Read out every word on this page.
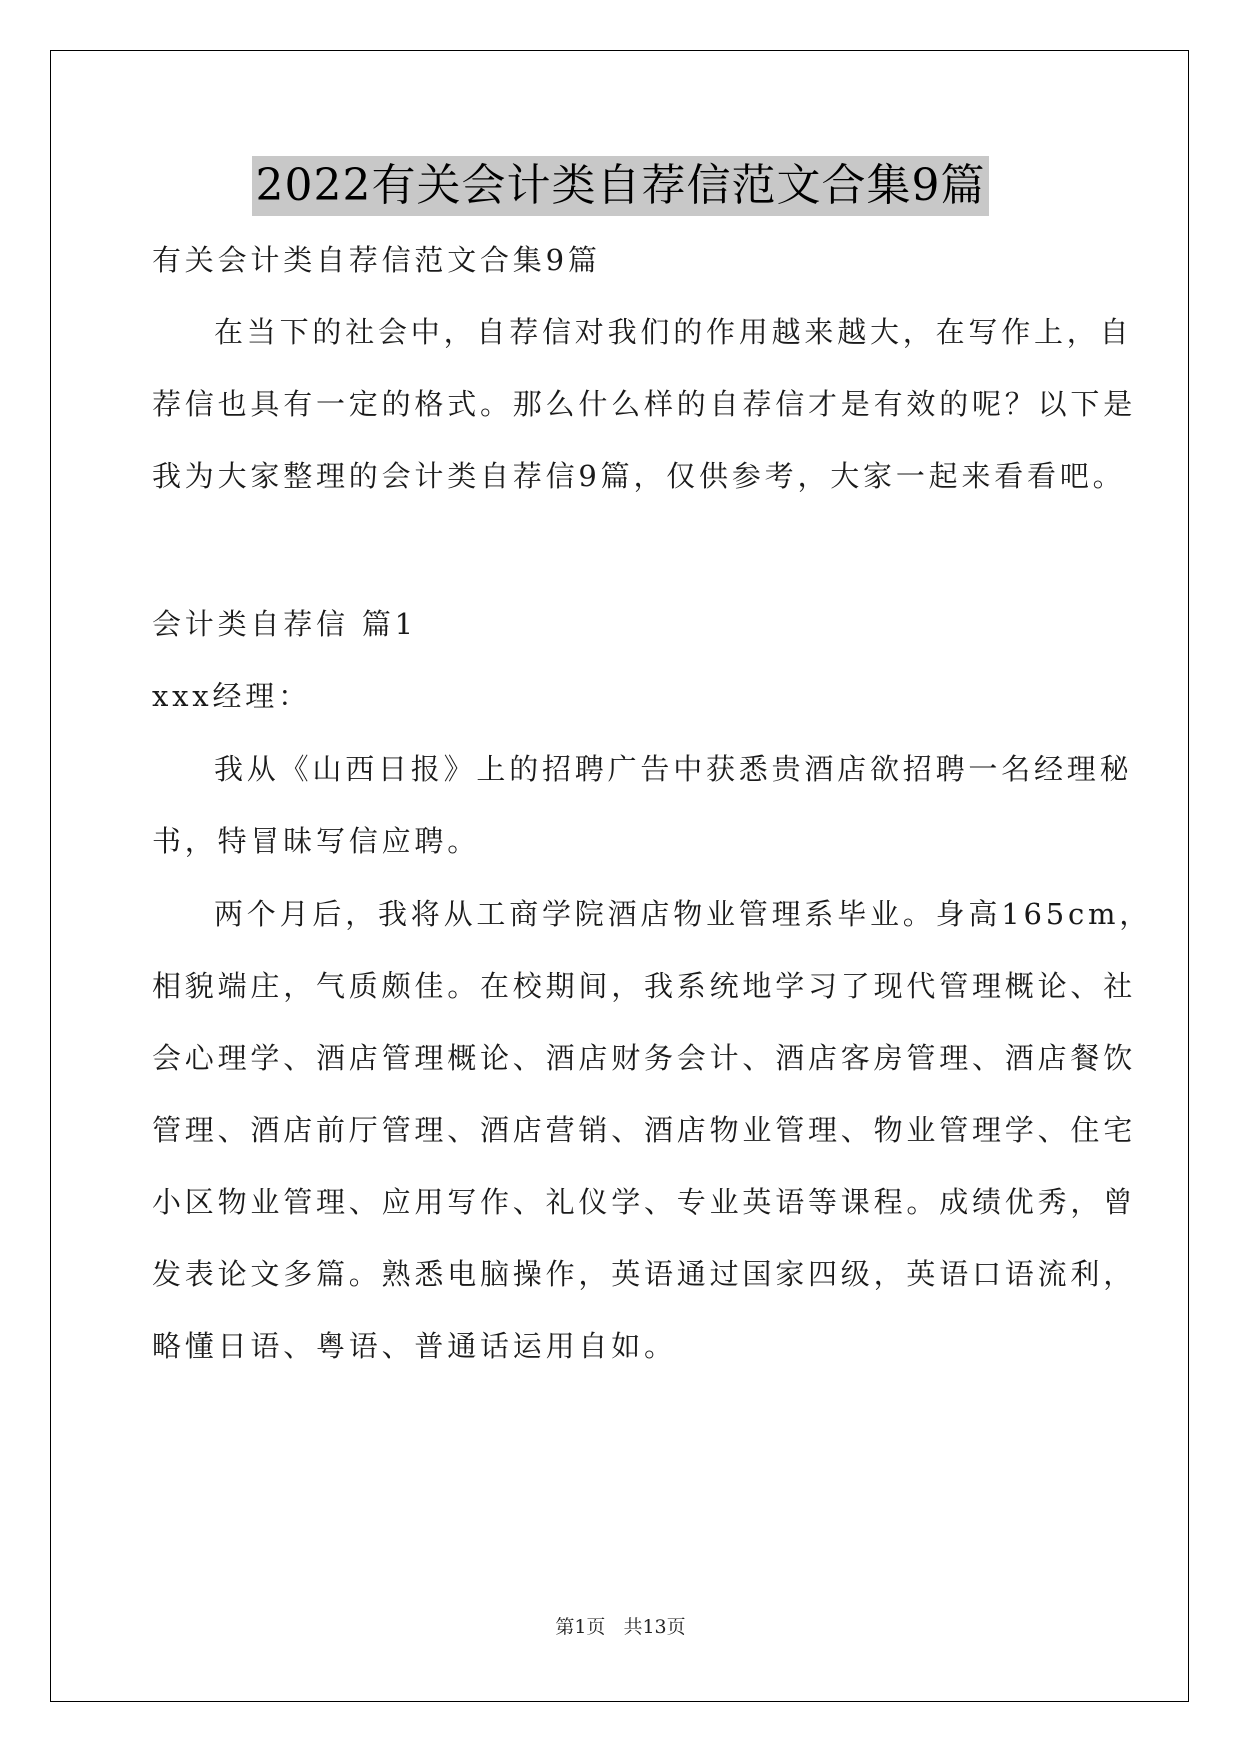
2022有关会计类自荐信范文合集9篇
有关会计类自荐信范文合集9篇
在当下的社会中，自荐信对我们的作用越来越大，在写作上，自
荐信也具有一定的格式。那么什么样的自荐信才是有效的呢？以下是
我为大家整理的会计类自荐信9篇，仅供参考，大家一起来看看吧。
会计类自荐信 篇1
xxx经理：
我从《山西日报》上的招聘广告中获悉贵酒店欲招聘一名经理秘
书，特冒昧写信应聘。
两个月后，我将从工商学院酒店物业管理系毕业。身高165cm，
相貌端庄，气质颇佳。在校期间，我系统地学习了现代管理概论、社
会心理学、酒店管理概论、酒店财务会计、酒店客房管理、酒店餐饮
管理、酒店前厅管理、酒店营销、酒店物业管理、物业管理学、住宅
小区物业管理、应用写作、礼仪学、专业英语等课程。成绩优秀，曾
发表论文多篇。熟悉电脑操作，英语通过国家四级，英语口语流利，
略懂日语、粤语、普通话运用自如。
第1页 共13页
